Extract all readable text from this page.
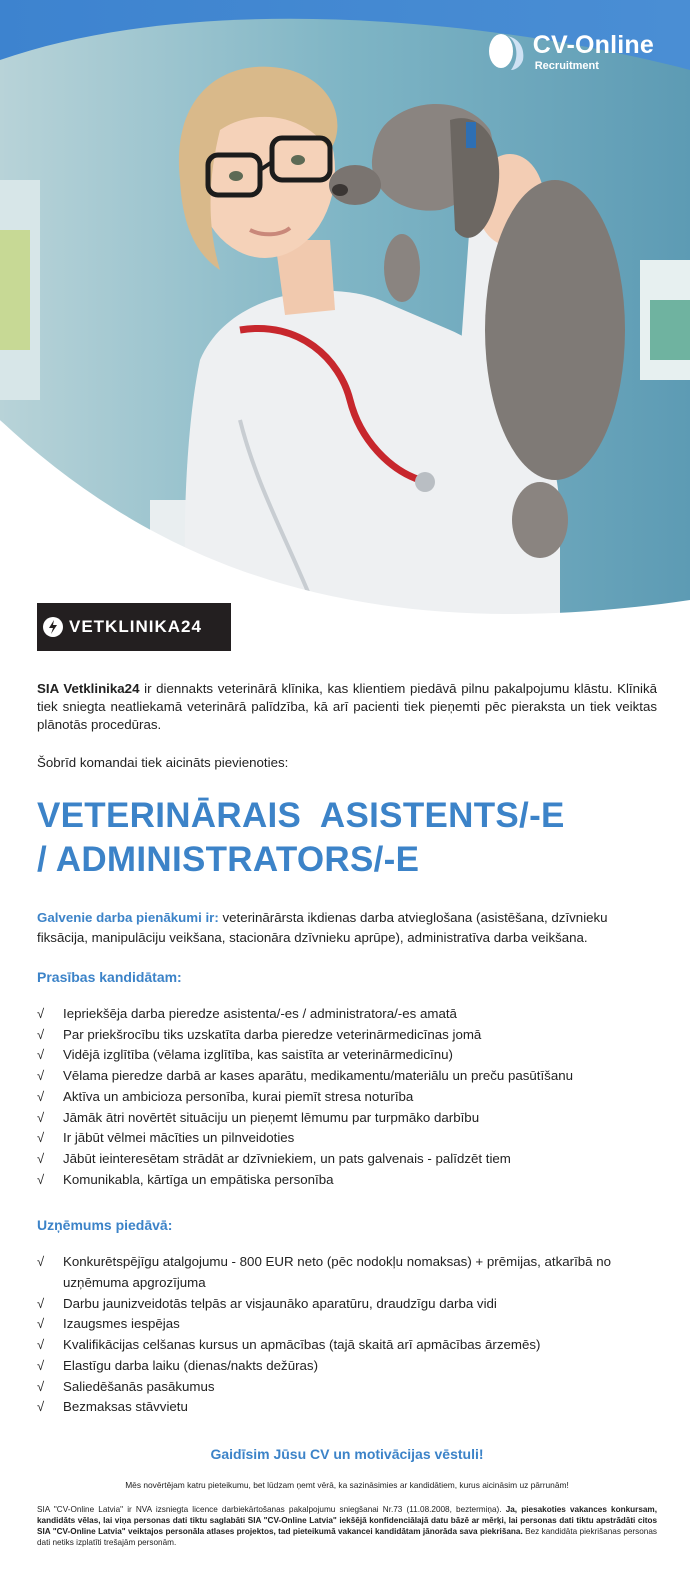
CV-Online
Recruitment
VETKLINIKA24

SIA Vetklinika24 ir diennakts veterinārā klīnika, kas klientiem piedāvā pilnu pakalpojumu klāstu. Klīnikā tiek sniegta neatliekamā veterinārā palīdzība, kā arī pacienti tiek pieņemti pēc pieraksta un tiek veiktas plānotās procedūras.

Šobrīd komandai tiek aicināts pievienoties:

VETERINĀRAIS  ASISTENTS/-E
/ ADMINISTRATORS/-E

Galvenie darba pienākumi ir: veterinārārsta ikdienas darba atvieglošana (asistēšana, dzīvnieku fiksācija, manipulāciju veikšana, stacionāra dzīvnieku aprūpe), administratīva darba veikšana.

Prasības kandidātam:
√ Iepriekšēja darba pieredze asistenta/-es / administratora/-es amatā
√ Par priekšrocību tiks uzskatīta darba pieredze veterinārmedicīnas jomā
√ Vidējā izglītība (vēlama izglītība, kas saistīta ar veterinārmedicīnu)
√ Vēlama pieredze darbā ar kases aparātu, medikamentu/materiālu un preču pasūtīšanu
√ Aktīva un ambicioza personība, kurai piemīt stresa noturība
√ Jāmāk ātri novērtēt situāciju un pieņemt lēmumu par turpmāko darbību
√ Ir jābūt vēlmei mācīties un pilnveidoties
√ Jābūt ieinteresētam strādāt ar dzīvniekiem, un pats galvenais - palīdzēt tiem
√ Komunikabla, kārtīga un empātiska personība
Uzņēmums piedāvā:
√ Konkurētspējīgu atalgojumu - 800 EUR neto (pēc nodokļu nomaksas) + prēmijas, atkarībā no uzņēmuma apgrozījuma
√ Darbu jaunizveidotās telpās ar visjaunāko aparatūru, draudzīgu darba vidi
√ Izaugsmes iespējas
√ Kvalifikācijas celšanas kursus un apmācības (tajā skaitā arī apmācības ārzemēs)
√ Elastīgu darba laiku (dienas/nakts dežūras)
√ Saliedēšanās pasākumus
√ Bezmaksas stāvvietu

Gaidīsim Jūsu CV un motivācijas vēstuli!

Mēs novērtējam katru pieteikumu, bet lūdzam ņemt vērā, ka sazināsimies ar kandidātiem, kurus aicināsim uz pārrunām!

SIA "CV-Online Latvia" ir NVA izsniegta licence darbiekārtošanas pakalpojumu sniegšanai Nr.73 (11.08.2008, beztermiņa). Ja, piesakoties vakances konkursam, kandidāts vēlas, lai viņa personas dati tiktu saglabāti SIA "CV-Online Latvia" iekšējā konfidenciālajā datu bāzē ar mērķi, lai personas dati tiktu apstrādāti citos SIA "CV-Online Latvia" veiktajos personāla atlases projektos, tad pieteikumā vakancei kandidātam jānorāda sava piekrišana. Bez kandidāta piekrišanas personas dati netiks izplatīti trešajām personām.
